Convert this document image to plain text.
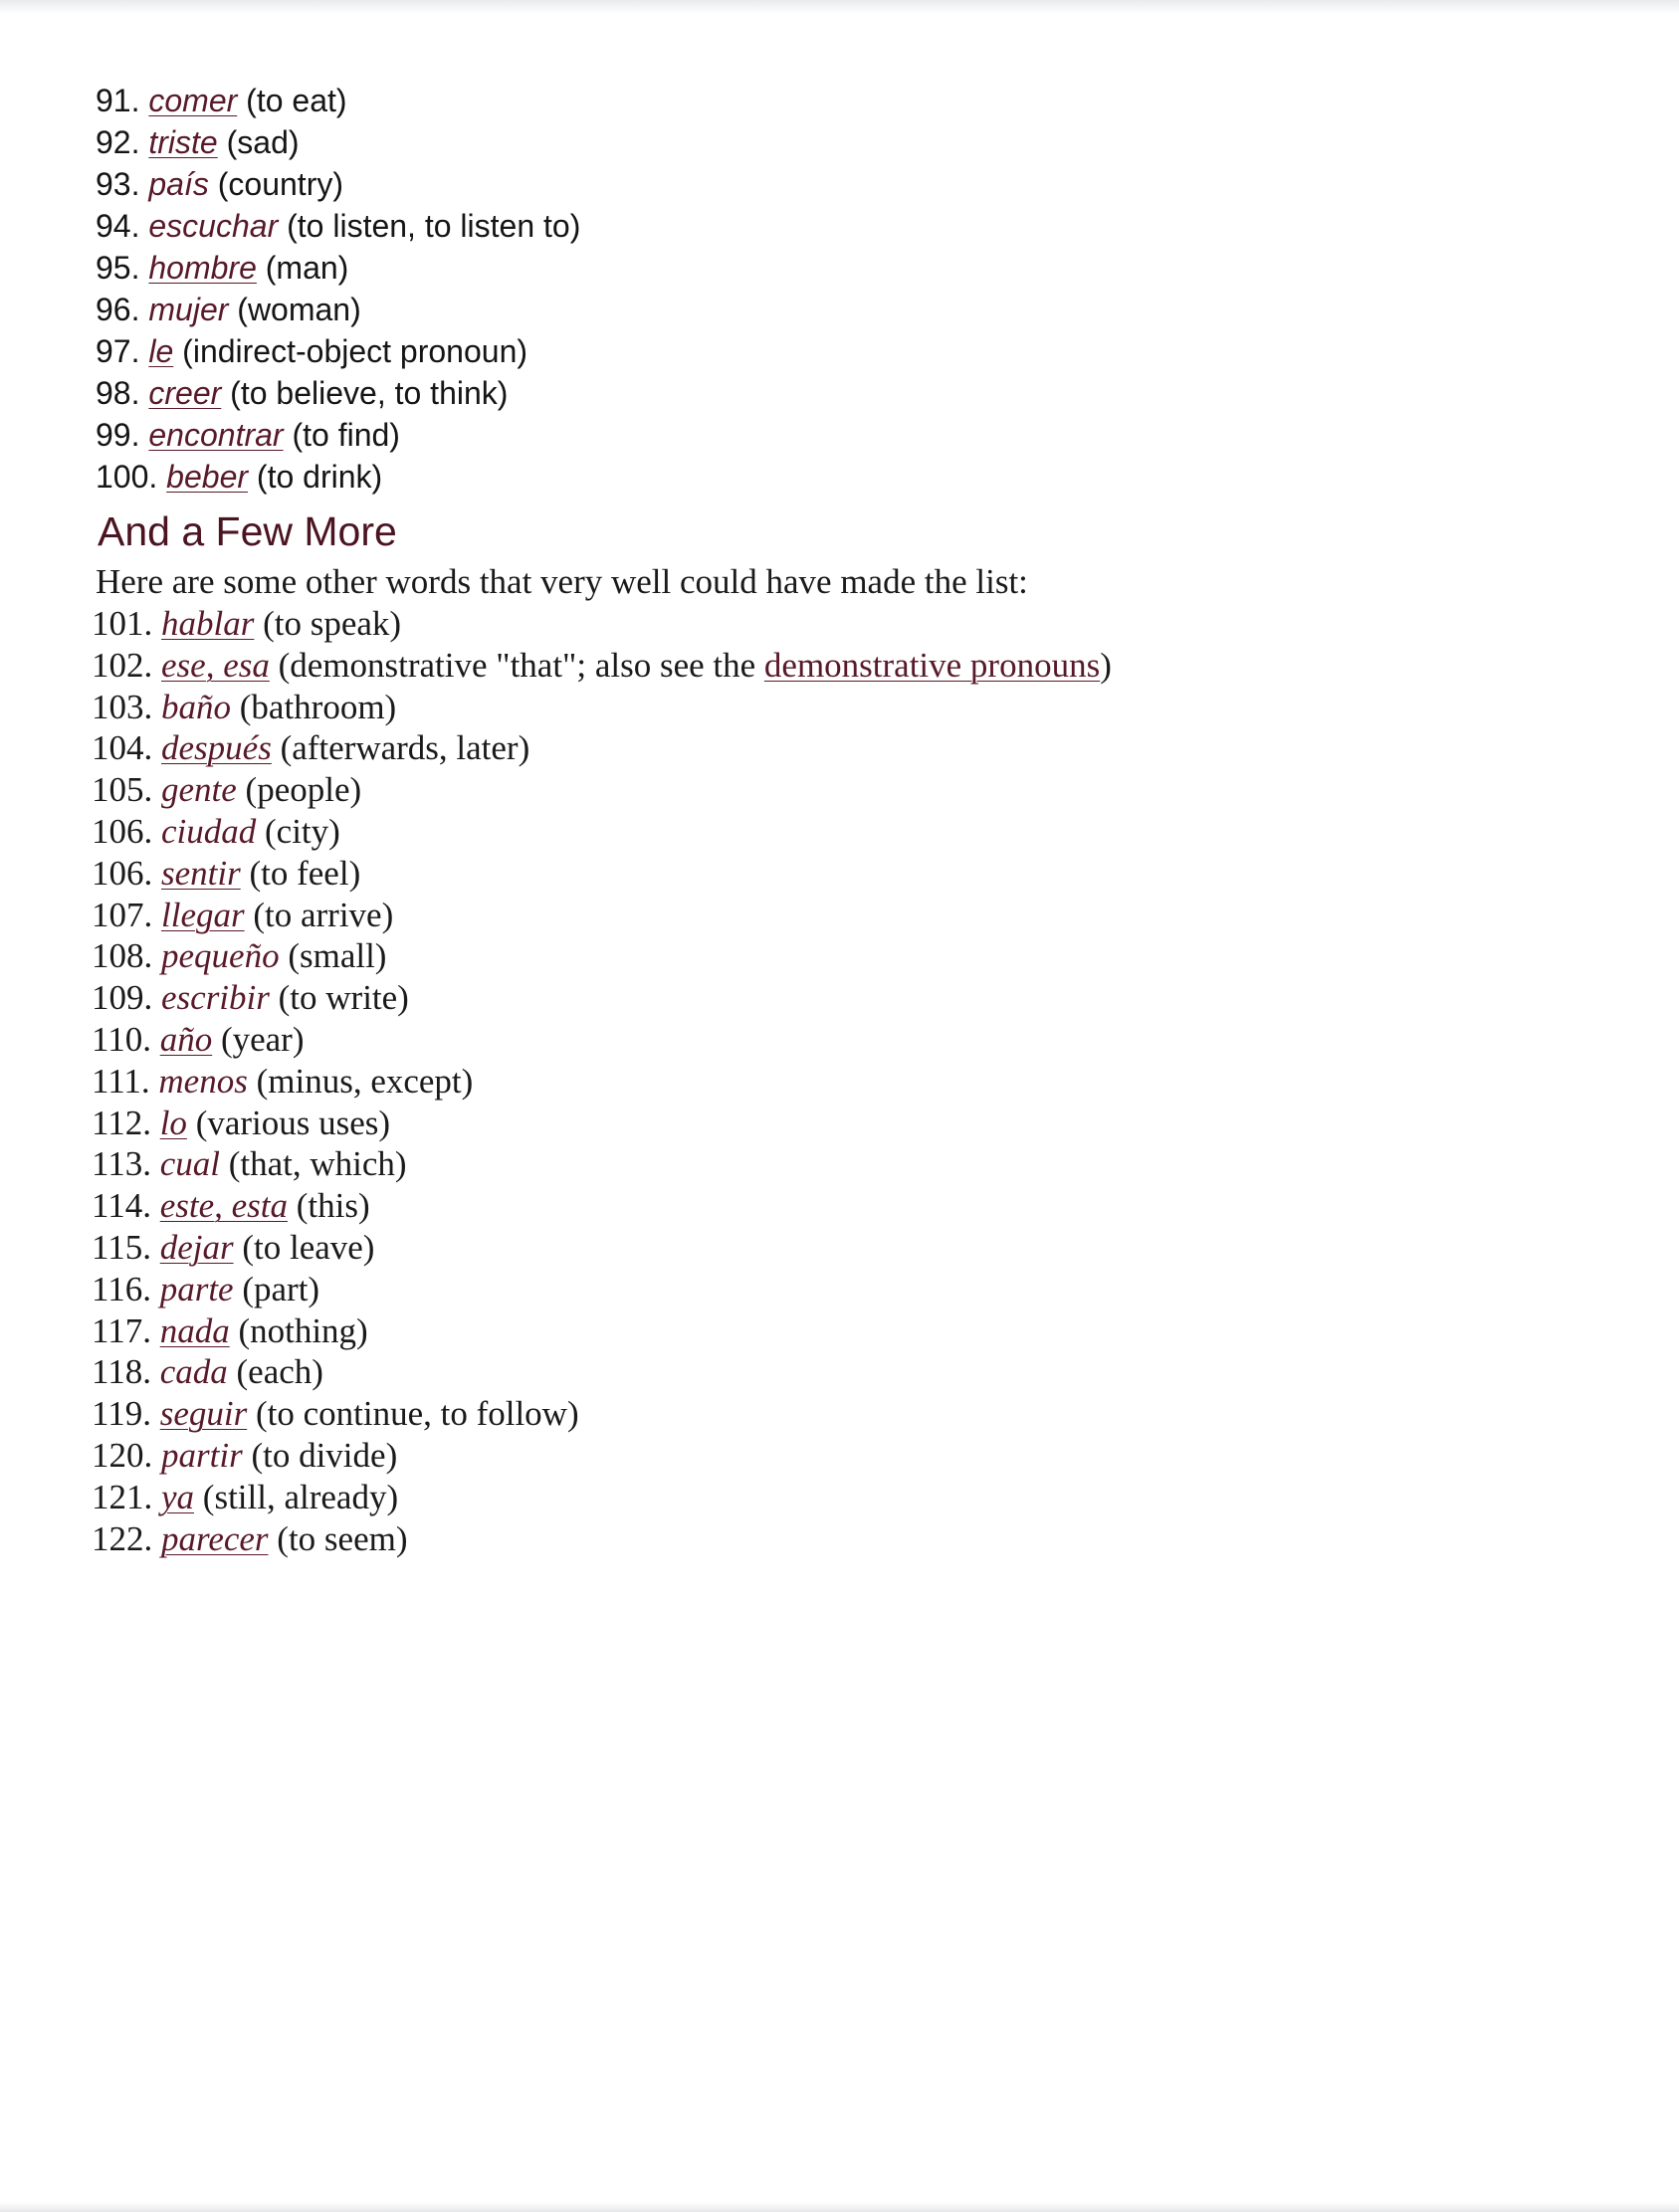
91. comer (to eat)
92. triste (sad)
93. país (country)
94. escuchar (to listen, to listen to)
95. hombre (man)
96. mujer (woman)
97. le (indirect-object pronoun)
98. creer (to believe, to think)
99. encontrar (to find)
100. beber (to drink)
And a Few More
Here are some other words that very well could have made the list:
101. hablar (to speak)
102. ese, esa (demonstrative "that"; also see the demonstrative pronouns)
103. baño (bathroom)
104. después (afterwards, later)
105. gente (people)
106. ciudad (city)
106. sentir (to feel)
107. llegar (to arrive)
108. pequeño (small)
109. escribir (to write)
110. año (year)
111. menos (minus, except)
112. lo (various uses)
113. cual (that, which)
114. este, esta (this)
115. dejar (to leave)
116. parte (part)
117. nada (nothing)
118. cada (each)
119. seguir (to continue, to follow)
120. partir (to divide)
121. ya (still, already)
122. parecer (to seem)
